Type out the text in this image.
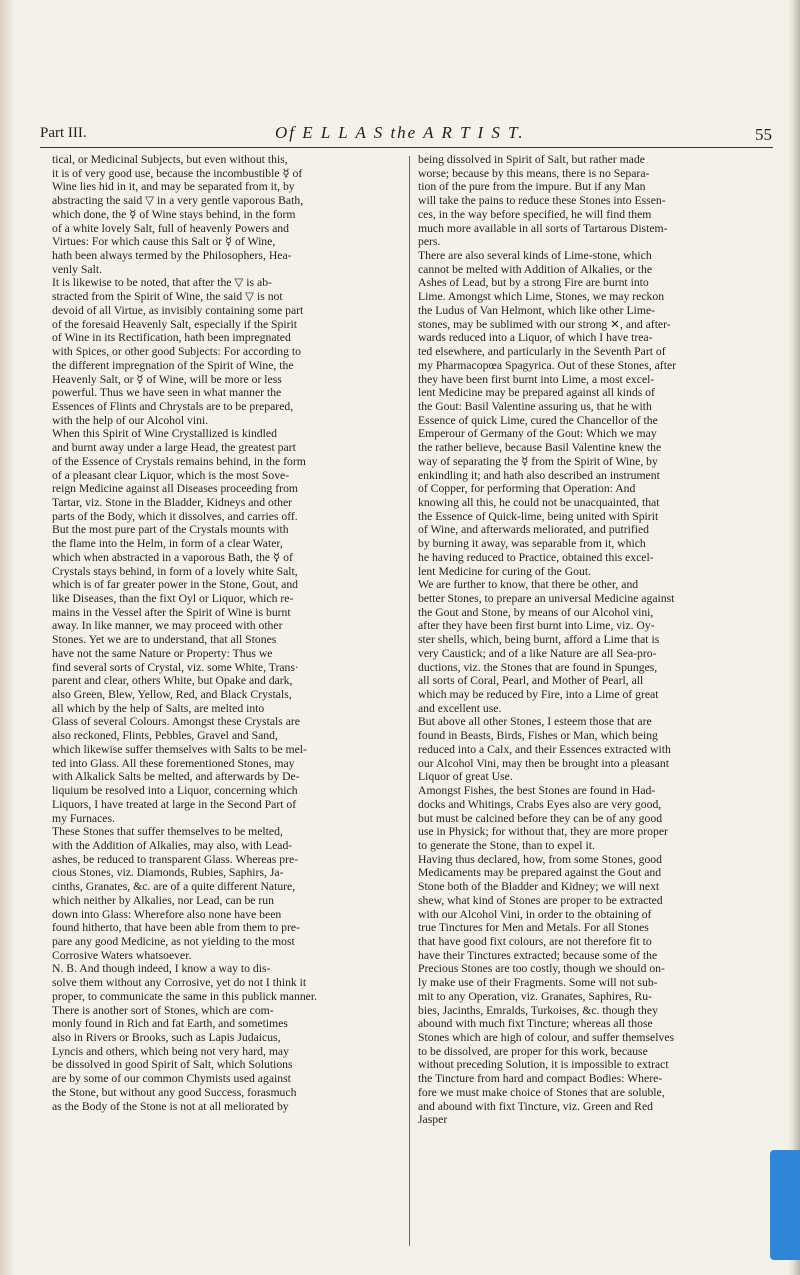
Part III.	Of E L L A S the A R T I S T.	55
tical, or Medicinal Subjects, but even without this,
it is of very good use, because the incombustible ☿ of
Wine lies hid in it, and may be separated from it, by
abstracting the said ▽ in a very gentle vaporous Bath,
which done, the ☿ of Wine stays behind, in the form
of a white lovely Salt, full of heavenly Powers and
Virtues: For which cause this Salt or ☿ of Wine,
hath been always termed by the Philosophers, Hea-
venly Salt.
It is likewise to be noted, that after the ▽ is ab-
stracted from the Spirit of Wine, the said ▽ is not
devoid of all Virtue, as invisibly containing some part
of the foresaid Heavenly Salt, especially if the Spirit
of Wine in its Rectification, hath been impregnated
with Spices, or other good Subjects: For according to
the different impregnation of the Spirit of Wine, the
Heavenly Salt, or ☿ of Wine, will be more or less
powerful. Thus we have seen in what manner the
Essences of Flints and Chrystals are to be prepared,
with the help of our Alcohol vini.
When this Spirit of Wine Crystallized is kindled
and burnt away under a large Head, the greatest part
of the Essence of Crystals remains behind, in the form
of a pleasant clear Liquor, which is the most Sove-
reign Medicine against all Diseases proceeding from
Tartar, viz. Stone in the Bladder, Kidneys and other
parts of the Body, which it dissolves, and carries off.
But the most pure part of the Crystals mounts with
the flame into the Helm, in form of a clear Water,
which when abstracted in a vaporous Bath, the ☿ of
Crystals stays behind, in form of a lovely white Salt,
which is of far greater power in the Stone, Gout, and
like Diseases, than the fixt Oyl or Liquor, which re-
mains in the Vessel after the Spirit of Wine is burnt
away. In like manner, we may proceed with other
Stones. Yet we are to understand, that all Stones
have not the same Nature or Property: Thus we
find several sorts of Crystal, viz. some White, Trans·
parent and clear, others White, but Opake and dark,
also Green, Blew, Yellow, Red, and Black Crystals,
all which by the help of Salts, are melted into
Glass of several Colours. Amongst these Crystals are
also reckoned, Flints, Pebbles, Gravel and Sand,
which likewise suffer themselves with Salts to be mel-
ted into Glass. All these forementioned Stones, may
with Alkalick Salts be melted, and afterwards by De-
liquium be resolved into a Liquor, concerning which
Liquors, I have treated at large in the Second Part of
my Furnaces.
These Stones that suffer themselves to be melted,
with the Addition of Alkalies, may also, with Lead-
ashes, be reduced to transparent Glass. Whereas pre-
cious Stones, viz. Diamonds, Rubies, Saphirs, Ja-
cinths, Granates, &c. are of a quite different Nature,
which neither by Alkalies, nor Lead, can be run
down into Glass: Wherefore also none have been
found hitherto, that have been able from them to pre-
pare any good Medicine, as not yielding to the most
Corrosive Waters whatsoever.
N. B. And though indeed, I know a way to dis-
solve them without any Corrosive, yet do not I think it
proper, to communicate the same in this publick manner.
There is another sort of Stones, which are com-
monly found in Rich and fat Earth, and sometimes
also in Rivers or Brooks, such as Lapis Judaicus,
Lyncis and others, which being not very hard, may
be dissolved in good Spirit of Salt, which Solutions
are by some of our common Chymists used against
the Stone, but without any good Success, forasmuch
as the Body of the Stone is not at all meliorated by
being dissolved in Spirit of Salt, but rather made
worse; because by this means, there is no Separa-
tion of the pure from the impure. But if any Man
will take the pains to reduce these Stones into Essen-
ces, in the way before specified, he will find them
much more available in all sorts of Tartarous Distem-
pers.
There are also several kinds of Lime-stone, which
cannot be melted with Addition of Alkalies, or the
Ashes of Lead, but by a strong Fire are burnt into
Lime. Amongst which Lime, Stones, we may reckon
the Ludus of Van Helmont, which like other Lime-
stones, may be sublimed with our strong ✕, and after-
wards reduced into a Liquor, of which I have trea-
ted elsewhere, and particularly in the Seventh Part of
my Pharmacopœa Spagyrica. Out of these Stones, after
they have been first burnt into Lime, a most excel-
lent Medicine may be prepared against all kinds of
the Gout: Basil Valentine assuring us, that he with
Essence of quick Lime, cured the Chancellor of the
Emperour of Germany of the Gout: Which we may
the rather believe, because Basil Valentine knew the
way of separating the ☿ from the Spirit of Wine, by
enkindling it; and hath also described an instrument
of Copper, for performing that Operation: And
knowing all this, he could not be unacquainted, that
the Essence of Quick-lime, being united with Spirit
of Wine, and afterwards meliorated, and putrified
by burning it away, was separable from it, which
he having reduced to Practice, obtained this excel-
lent Medicine for curing of the Gout.
We are further to know, that there be other, and
better Stones, to prepare an universal Medicine against
the Gout and Stone, by means of our Alcohol vini,
after they have been first burnt into Lime, viz. Oy-
ster shells, which, being burnt, afford a Lime that is
very Caustick; and of a like Nature are all Sea-pro-
ductions, viz. the Stones that are found in Spunges,
all sorts of Coral, Pearl, and Mother of Pearl, all
which may be reduced by Fire, into a Lime of great
and excellent use.
But above all other Stones, I esteem those that are
found in Beasts, Birds, Fishes or Man, which being
reduced into a Calx, and their Essences extracted with
our Alcohol Vini, may then be brought into a pleasant
Liquor of great Use.
Amongst Fishes, the best Stones are found in Had-
docks and Whitings, Crabs Eyes also are very good,
but must be calcined before they can be of any good
use in Physick; for without that, they are more proper
to generate the Stone, than to expel it.
Having thus declared, how, from some Stones, good
Medicaments may be prepared against the Gout and
Stone both of the Bladder and Kidney; we will next
shew, what kind of Stones are proper to be extracted
with our Alcohol Vini, in order to the obtaining of
true Tinctures for Men and Metals. For all Stones
that have good fixt colours, are not therefore fit to
have their Tinctures extracted; because some of the
Precious Stones are too costly, though we should on-
ly make use of their Fragments. Some will not sub-
mit to any Operation, viz. Granates, Saphires, Ru-
bies, Jacinths, Emralds, Turkoises, &c. though they
abound with much fixt Tincture; whereas all those
Stones which are high of colour, and suffer themselves
to be dissolved, are proper for this work, because
without preceding Solution, it is impossible to extract
the Tincture from hard and compact Bodies: Where-
fore we must make choice of Stones that are soluble,
and abound with fixt Tincture, viz. Green and Red
Jasper
